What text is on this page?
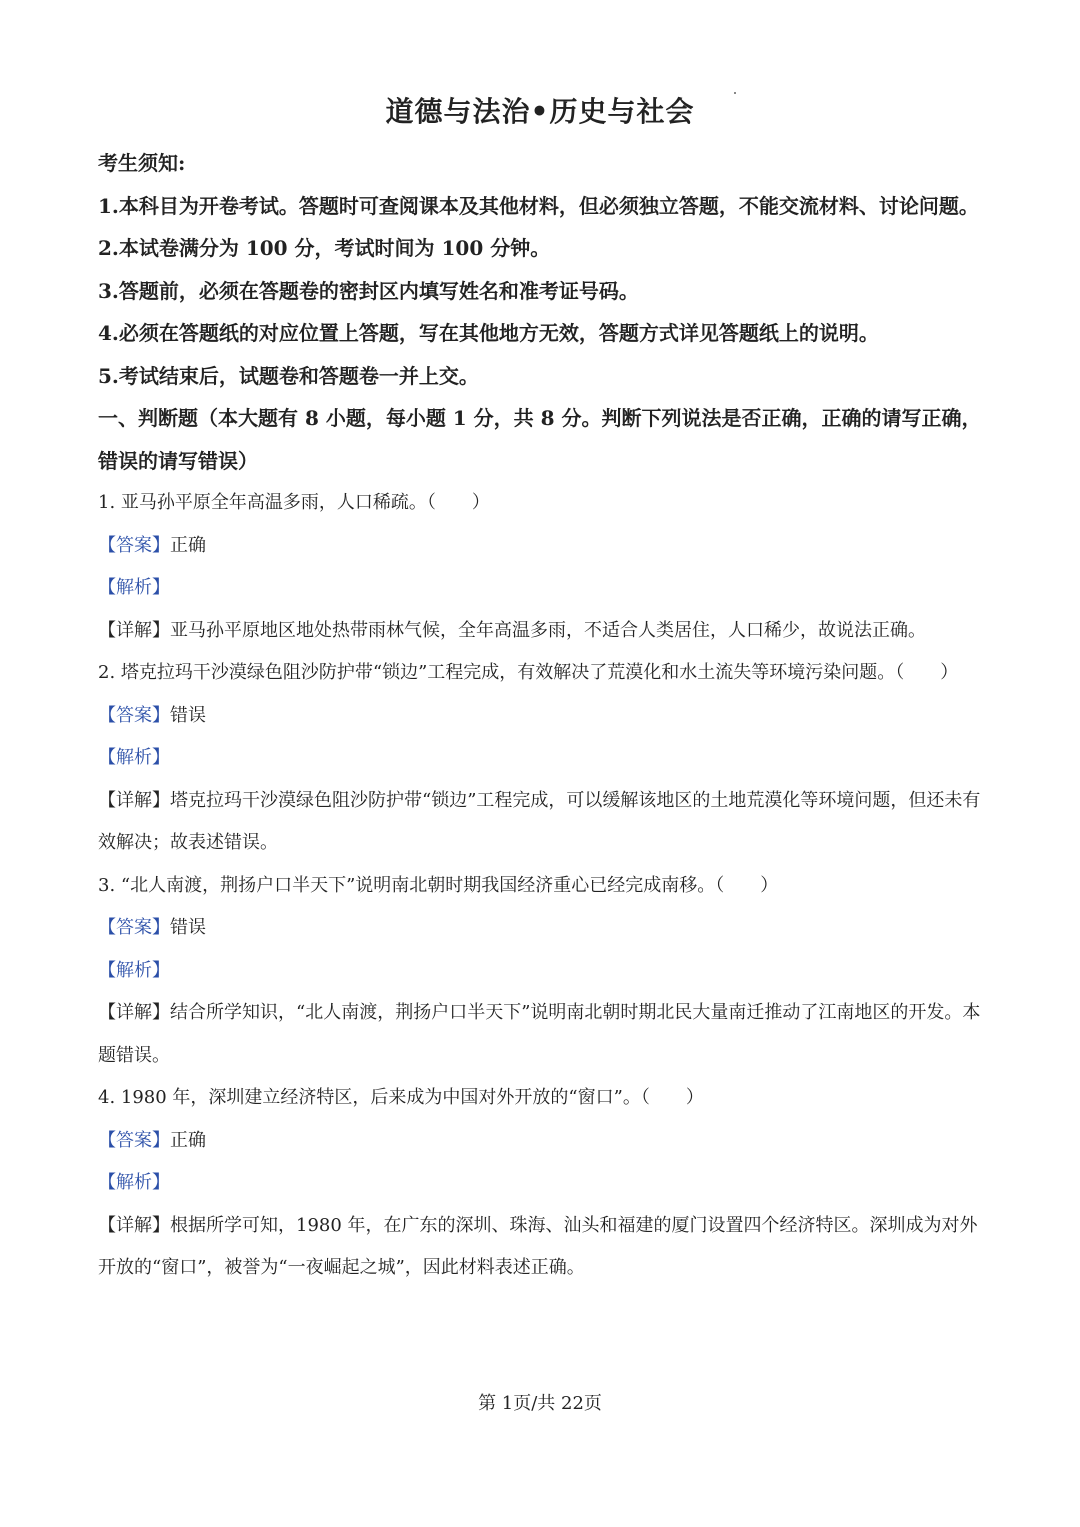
道德与法治•历史与社会
考生须知:
1.本科目为开卷考试。答题时可查阅课本及其他材料，但必须独立答题，不能交流材料、讨论问题。
2.本试卷满分为 100 分，考试时间为 100 分钟。
3.答题前，必须在答题卷的密封区内填写姓名和准考证号码。
4.必须在答题纸的对应位置上答题，写在其他地方无效，答题方式详见答题纸上的说明。
5.考试结束后，试题卷和答题卷一并上交。
一、判断题（本大题有 8 小题，每小题 1 分，共 8 分。判断下列说法是否正确，正确的请写正确，错误的请写错误）
1. 亚马孙平原全年高温多雨，人口稀疏。（　　）
【答案】正确
【解析】
【详解】亚马孙平原地区地处热带雨林气候，全年高温多雨，不适合人类居住，人口稀少，故说法正确。
2. 塔克拉玛干沙漠绿色阻沙防护带“锁边”工程完成，有效解决了荒漠化和水土流失等环境污染问题。（　　）
【答案】错误
【解析】
【详解】塔克拉玛干沙漠绿色阻沙防护带“锁边”工程完成，可以缓解该地区的土地荒漠化等环境问题，但还未有效解决；故表述错误。
3. “北人南渡，荆扬户口半天下”说明南北朝时期我国经济重心已经完成南移。（　　）
【答案】错误
【解析】
【详解】结合所学知识，“北人南渡，荆扬户口半天下”说明南北朝时期北民大量南迁推动了江南地区的开发。本题错误。
4. 1980 年，深圳建立经济特区，后来成为中国对外开放的“窗口”。（　　）
【答案】正确
【解析】
【详解】根据所学可知，1980 年，在广东的深圳、珠海、汕头和福建的厦门设置四个经济特区。深圳成为对外开放的“窗口”，被誉为“一夜崛起之城”，因此材料表述正确。
第 1页/共 22页
